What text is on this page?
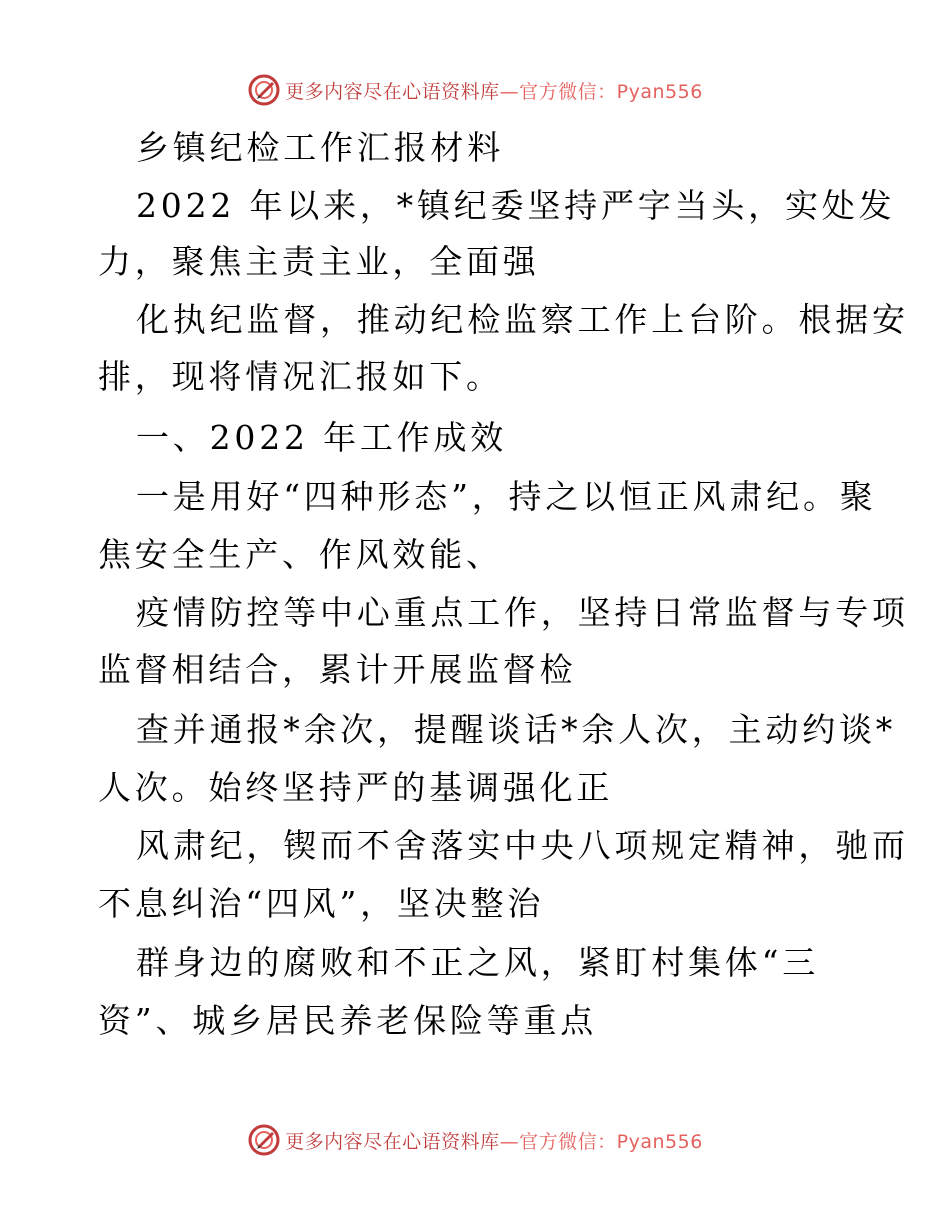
更多内容尽在心语资料库—官方微信：Pyan556
乡镇纪检工作汇报材料
2022 年以来，*镇纪委坚持严字当头，实处发
力，聚焦主责主业，全面强
化执纪监督，推动纪检监察工作上台阶。根据安
排，现将情况汇报如下。
一、2022 年工作成效
一是用好“四种形态”，持之以恒正风肃纪。聚
焦安全生产、作风效能、
疫情防控等中心重点工作，坚持日常监督与专项
监督相结合，累计开展监督检
查并通报*余次，提醒谈话*余人次，主动约谈*
人次。始终坚持严的基调强化正
风肃纪，锲而不舍落实中央八项规定精神，驰而
不息纠治“四风”，坚决整治
群身边的腐败和不正之风，紧盯村集体“三
资”、城乡居民养老保险等重点
更多内容尽在心语资料库—官方微信：Pyan556
